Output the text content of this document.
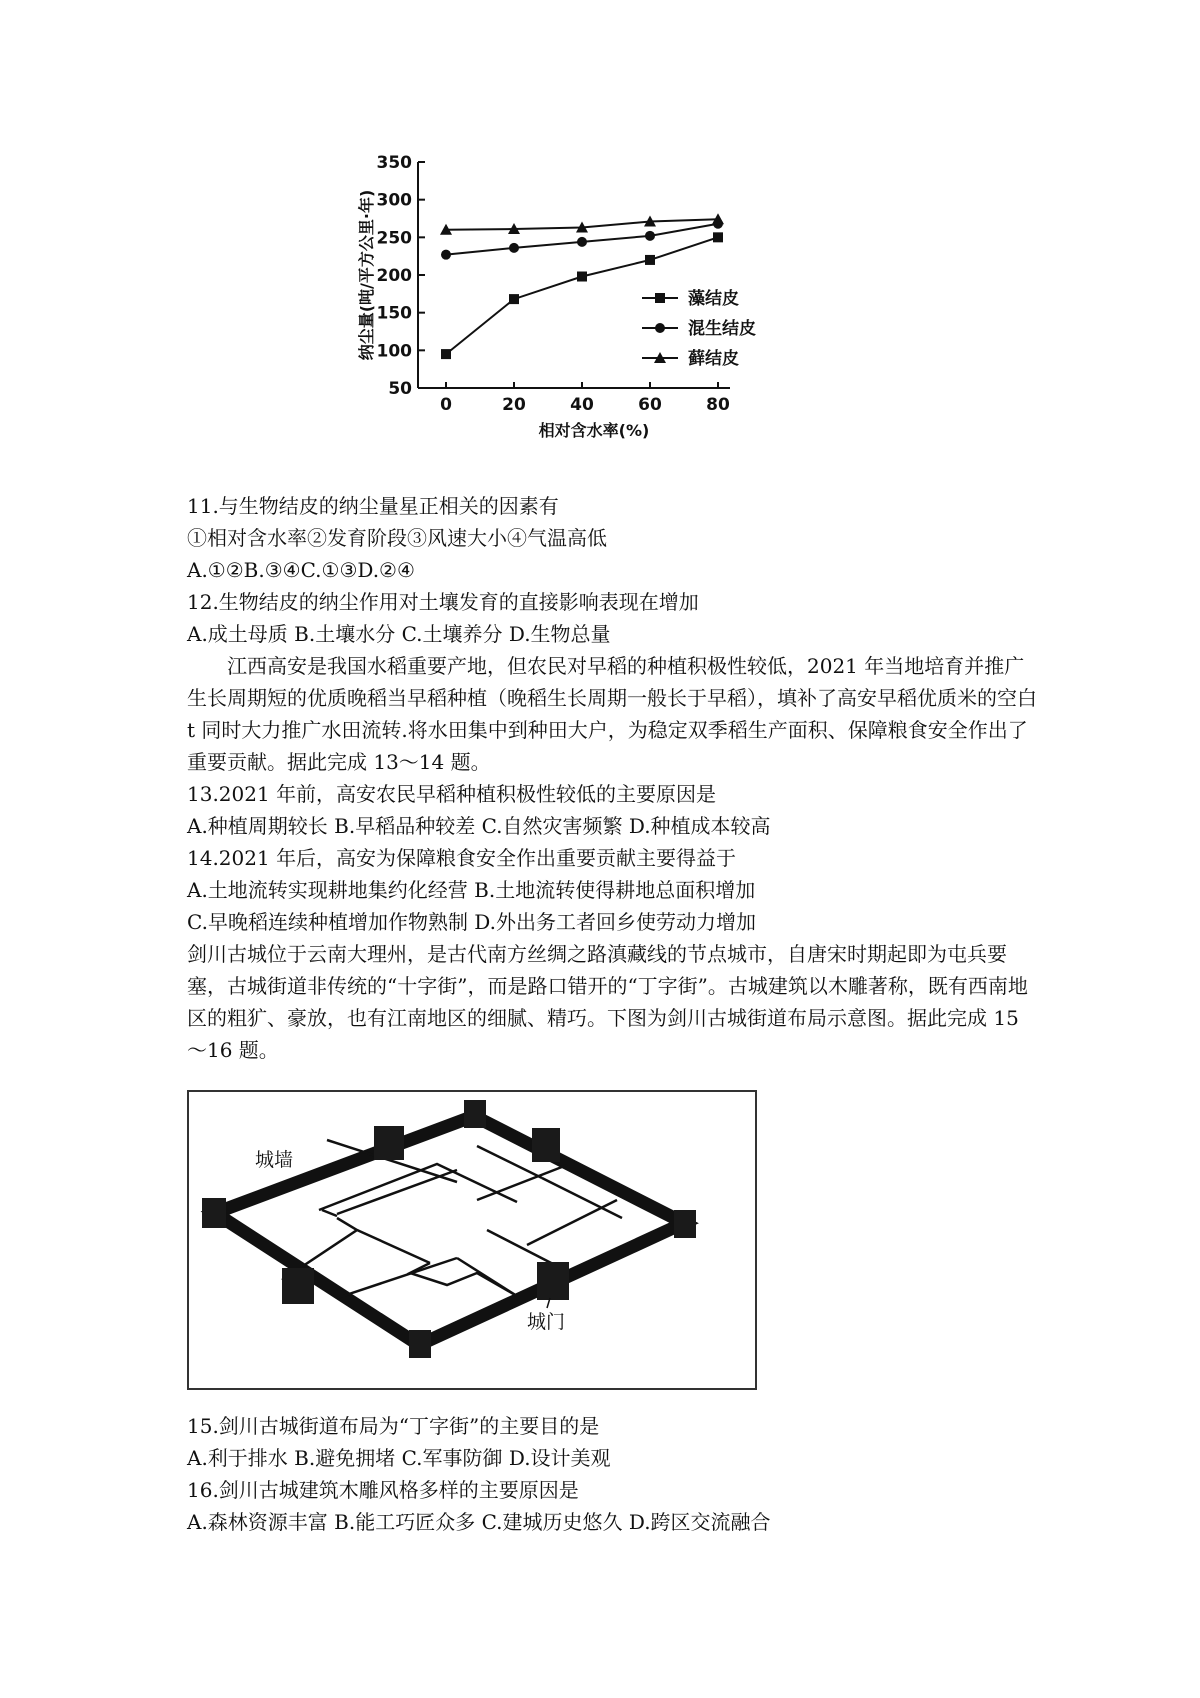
50
100
150
200
250
300
350
0	20	40	60	80
相对含水率(%)
纳尘量(吨/平方公里·年)	藻结皮
混生结皮
藓结皮

11.与生物结皮的纳尘量星正相关的因素有

①相对含水率②发育阶段③风速大小④气温高低

A.①②B.③④C.①③D.②④

12.生物结皮的纳尘作用对土壤发育的直接影响表现在增加

A.成土母质 B.土壤水分 C.土壤养分 D.生物总量

江西高安是我国水稻重要产地，但农民对早稻的种植积极性较低，2021 年当地培育并推广生长周期短的优质晚稻当早稻种植（晚稻生长周期一般长于早稻），填补了高安早稻优质米的空白 t 同时大力推广水田流转.将水田集中到种田大户，为稳定双季稻生产面积、保障粮食安全作出了重要贡献。据此完成 13～14 题。

13.2021 年前，高安农民早稻种植积极性较低的主要原因是

A.种植周期较长 B.早稻品种较差 C.自然灾害频繁 D.种植成本较高

14.2021 年后，高安为保障粮食安全作出重要贡献主要得益于

A.土地流转实现耕地集约化经营 B.土地流转使得耕地总面积增加

C.早晚稻连续种植增加作物熟制 D.外出务工者回乡使劳动力增加

剑川古城位于云南大理州，是古代南方丝绸之路滇藏线的节点城市，自唐宋时期起即为屯兵要塞，古城街道非传统的“十字街”，而是路口错开的“丁字街”。古城建筑以木雕著称，既有西南地区的粗犷、豪放，也有江南地区的细腻、精巧。下图为剑川古城街道布局示意图。据此完成 15～16 题。

城墙
城门

15.剑川古城街道布局为“丁字街”的主要目的是

A.利于排水 B.避免拥堵 C.军事防御 D.设计美观

16.剑川古城建筑木雕风格多样的主要原因是

A.森林资源丰富 B.能工巧匠众多 C.建城历史悠久 D.跨区交流融合
